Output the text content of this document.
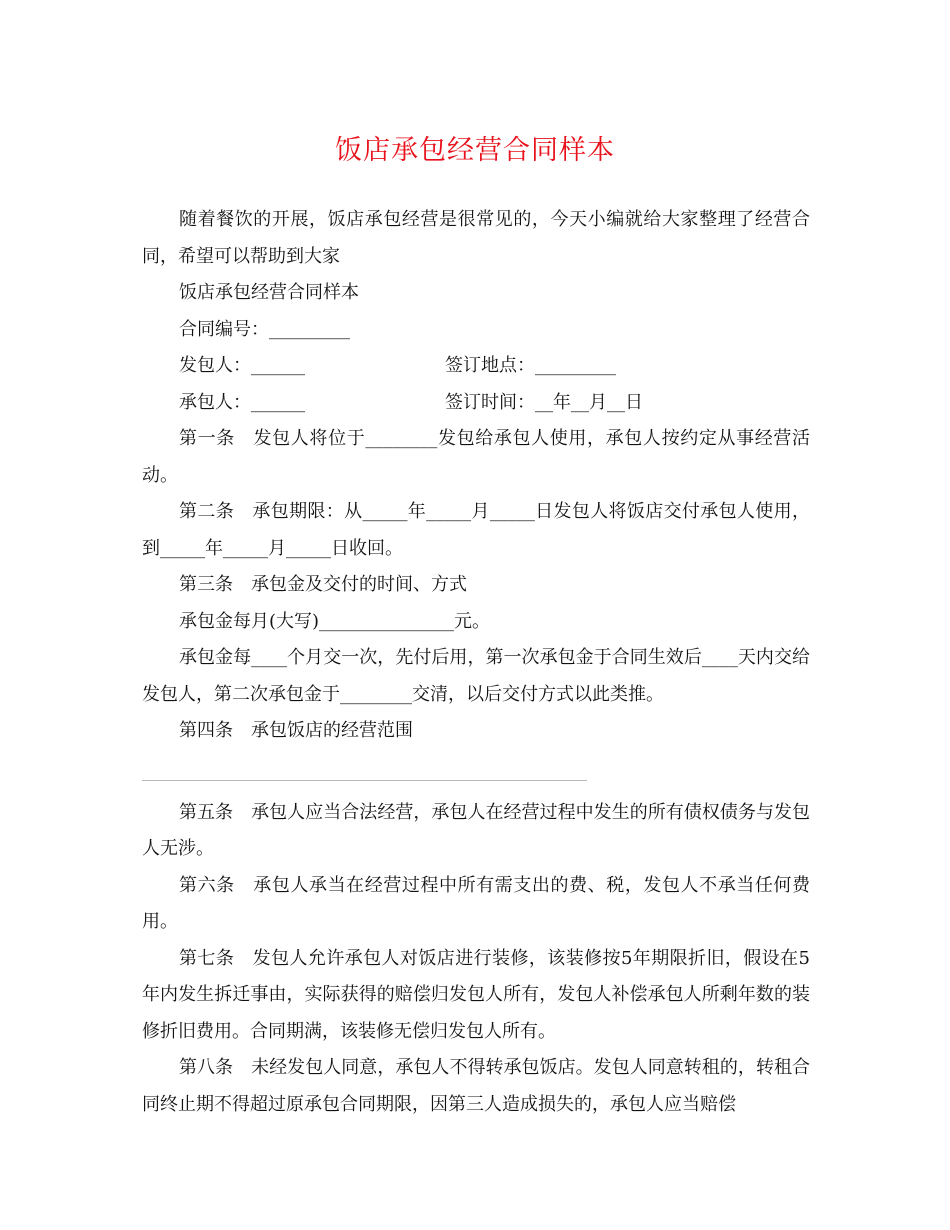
饭店承包经营合同样本

随着餐饮的开展，饭店承包经营是很常见的，今天小编就给大家整理了经营合同，希望可以帮助到大家

饭店承包经营合同样本

合同编号：_________

发包人：______	签订地点：_________
承包人：______	签订时间：__年__月__日

第一条　发包人将位于________发包给承包人使用，承包人按约定从事经营活动。

第二条　承包期限：从_____年_____月_____日发包人将饭店交付承包人使用，到_____年_____月_____日收回。

第三条　承包金及交付的时间、方式

承包金每月(大写)_______________元。

承包金每____个月交一次，先付后用，第一次承包金于合同生效后____天内交给发包人，第二次承包金于________交清，以后交付方式以此类推。

第四条　承包饭店的经营范围

第五条　承包人应当合法经营，承包人在经营过程中发生的所有债权债务与发包人无涉。

第六条　承包人承当在经营过程中所有需支出的费、税，发包人不承当任何费用。

第七条　发包人允许承包人对饭店进行装修，该装修按5年期限折旧，假设在5年内发生拆迁事由，实际获得的赔偿归发包人所有，发包人补偿承包人所剩年数的装修折旧费用。合同期满，该装修无偿归发包人所有。

第八条　未经发包人同意，承包人不得转承包饭店。发包人同意转租的，转租合同终止期不得超过原承包合同期限，因第三人造成损失的，承包人应当赔偿
